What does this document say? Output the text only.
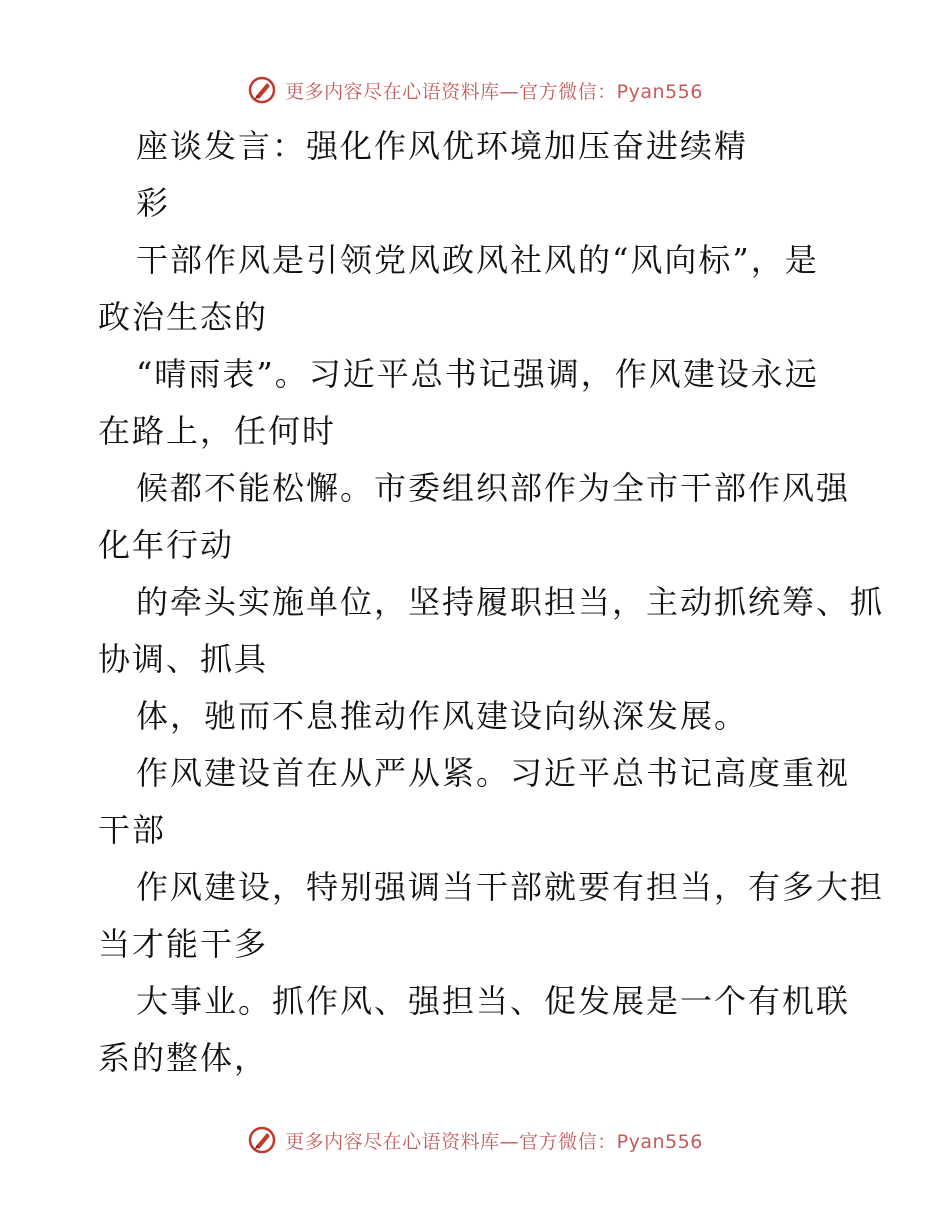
更多内容尽在心语资料库—官方微信：Pyan556
座谈发言：强化作风优环境加压奋进续精
彩
干部作风是引领党风政风社风的“风向标”，是
政治生态的
“晴雨表”。习近平总书记强调，作风建设永远
在路上，任何时
候都不能松懈。市委组织部作为全市干部作风强
化年行动
的牵头实施单位，坚持履职担当，主动抓统筹、抓
协调、抓具
体，驰而不息推动作风建设向纵深发展。
作风建设首在从严从紧。习近平总书记高度重视
干部
作风建设，特别强调当干部就要有担当，有多大担
当才能干多
大事业。抓作风、强担当、促发展是一个有机联
系的整体，
更多内容尽在心语资料库—官方微信：Pyan556
